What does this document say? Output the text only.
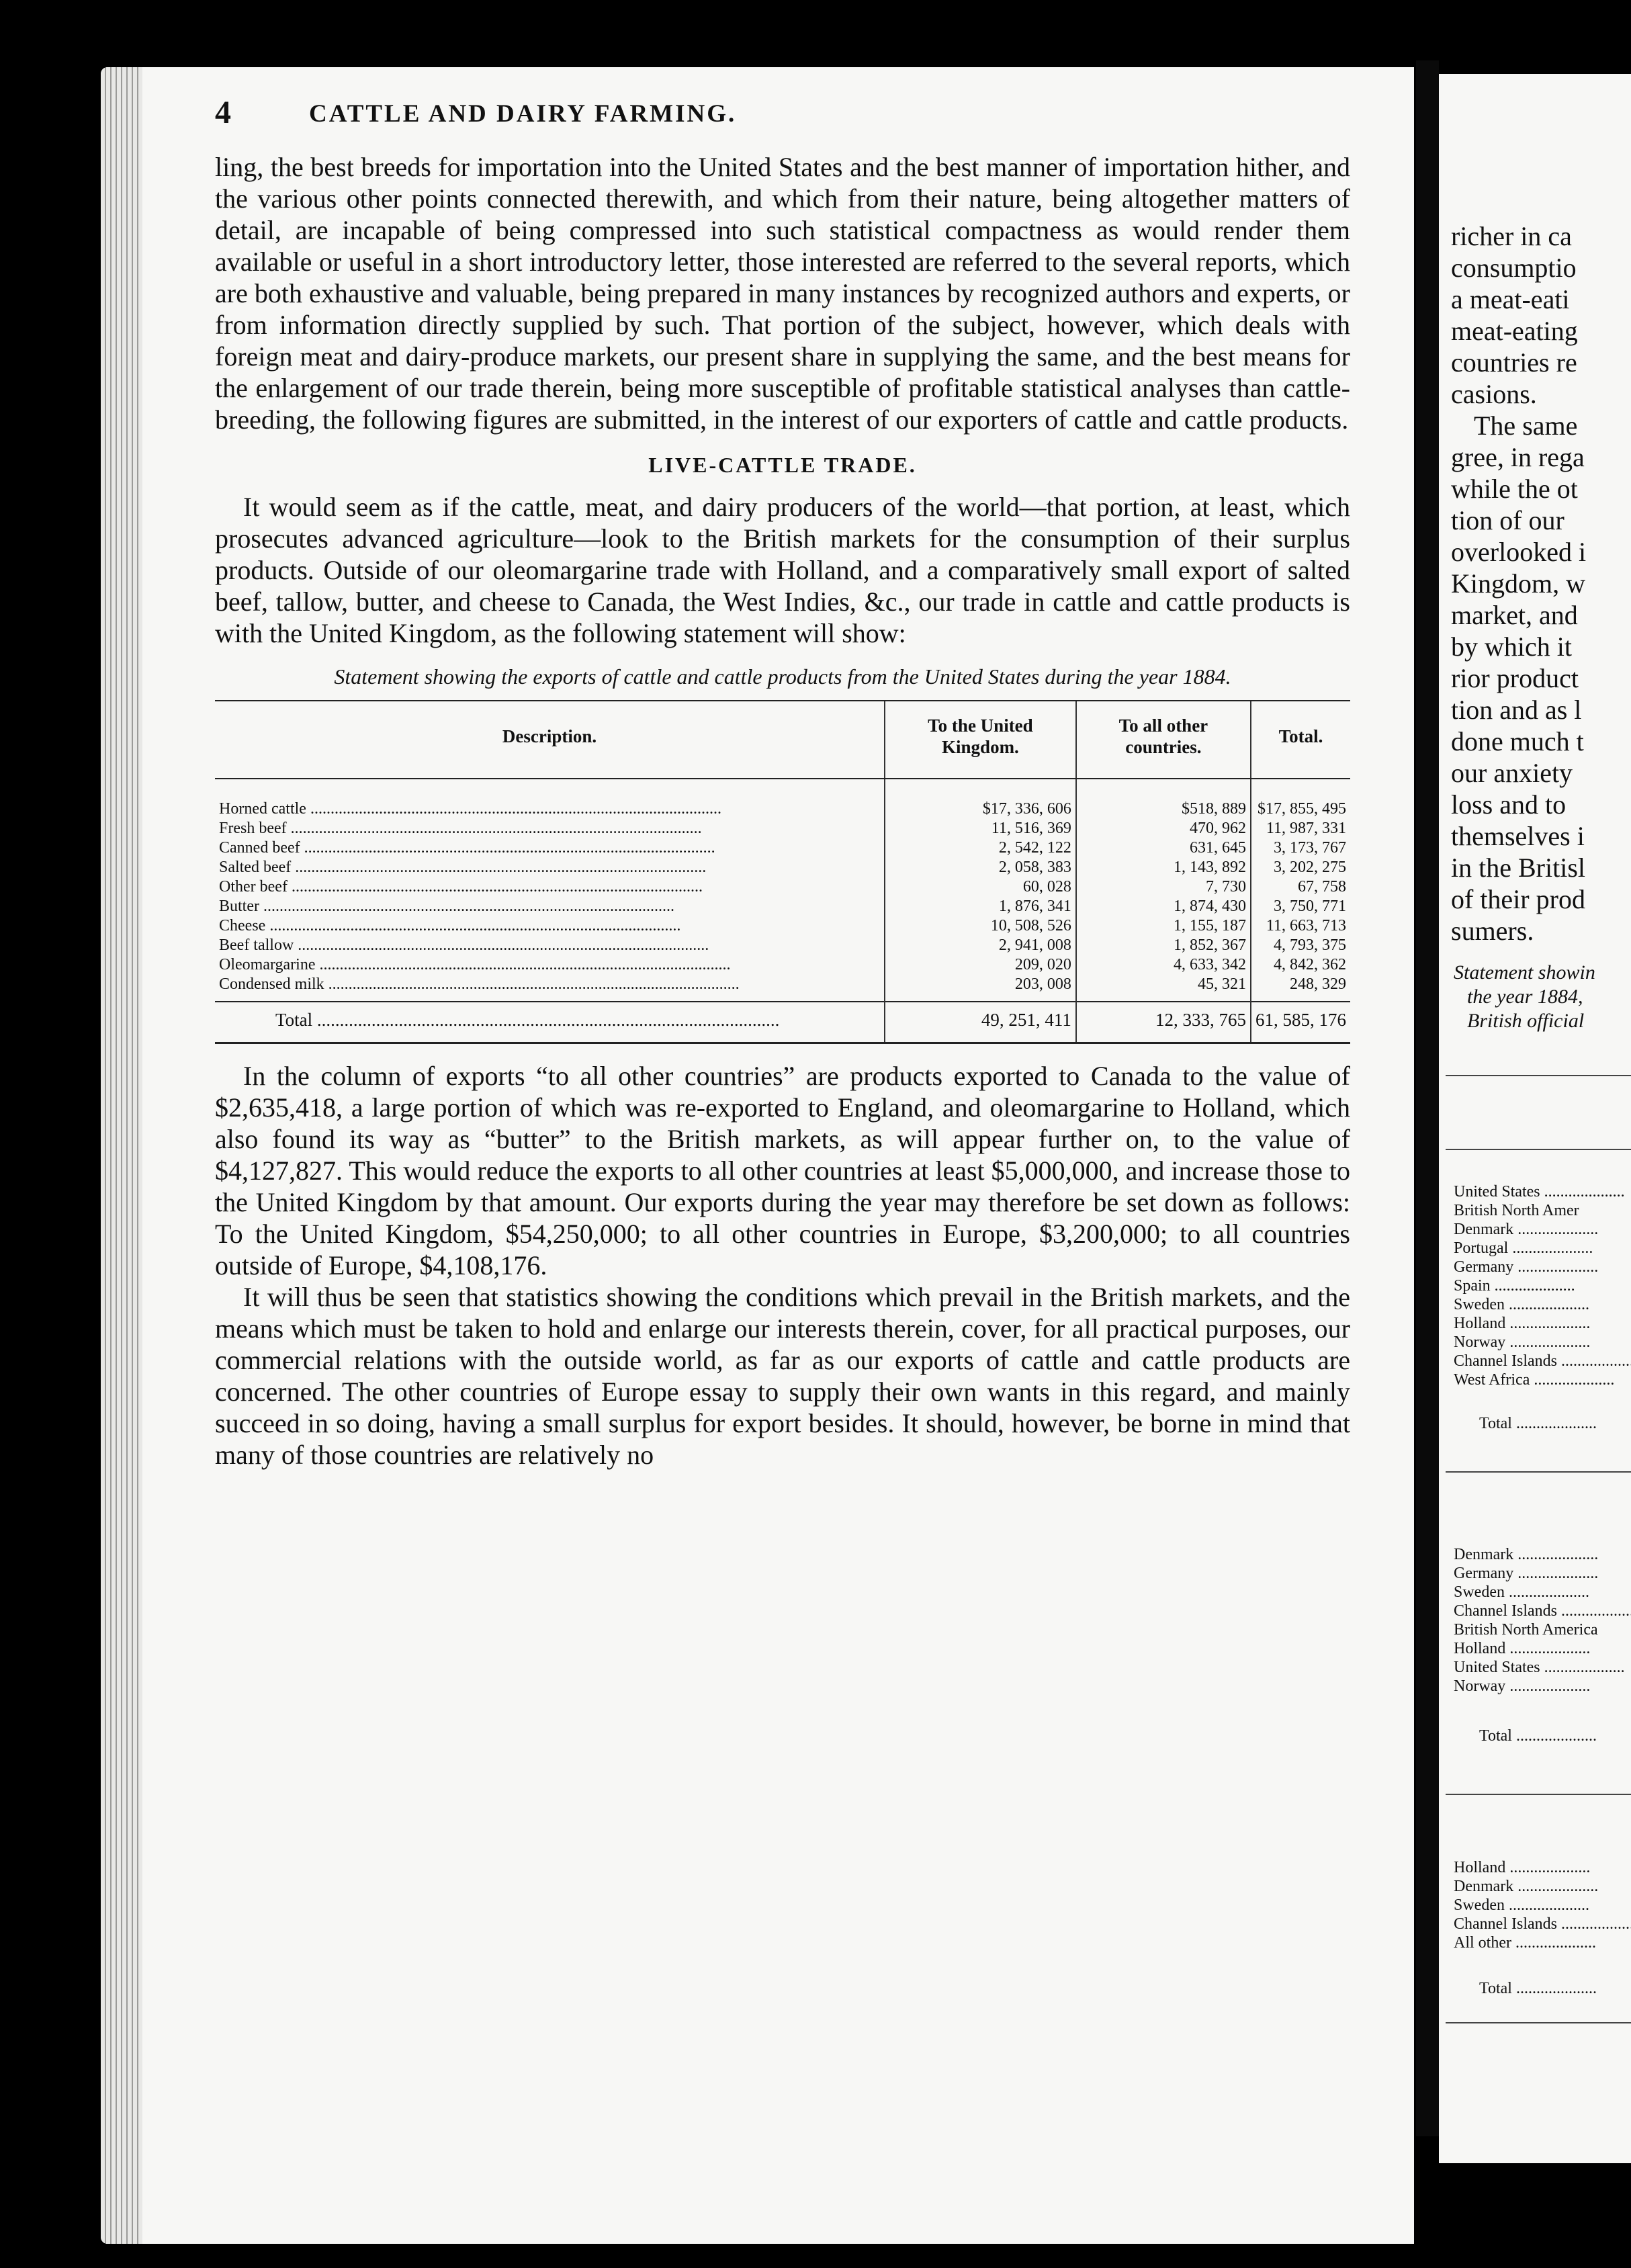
4	CATTLE AND DAIRY FARMING.

ling, the best breeds for importation into the United States and the best manner of importation hither, and the various other points connected therewith, and which from their nature, being altogether matters of detail, are incapable of being compressed into such statistical compactness as would render them available or useful in a short introductory letter, those interested are referred to the several reports, which are both exhaustive and valuable, being prepared in many instances by recognized authors and experts, or from information directly supplied by such. That portion of the subject, however, which deals with foreign meat and dairy-produce markets, our present share in supplying the same, and the best means for the enlargement of our trade therein, being more susceptible of profitable statistical analyses than cattle-breeding, the following figures are submitted, in the interest of our exporters of cattle and cattle products.

LIVE-CATTLE TRADE.

It would seem as if the cattle, meat, and dairy producers of the world—that portion, at least, which prosecutes advanced agriculture—look to the British markets for the consumption of their surplus products. Outside of our oleomargarine trade with Holland, and a comparatively small export of salted beef, tallow, butter, and cheese to Canada, the West Indies, &c., our trade in cattle and cattle products is with the United Kingdom, as the following statement will show:

Statement showing the exports of cattle and cattle products from the United States during the year 1884.
Description.	To the United Kingdom.	To all other countries.	Total.
Horned cattle .....	$17, 336, 606	$518, 889	$17, 855, 495
Fresh beef .....	11, 516, 369	470, 962	11, 987, 331
Canned beef .....	2, 542, 122	631, 645	3, 173, 767
Salted beef .....	2, 058, 383	1, 143, 892	3, 202, 275
Other beef .....	60, 028	7, 730	67, 758
Butter .....	1, 876, 341	1, 874, 430	3, 750, 771
Cheese .....	10, 508, 526	1, 155, 187	11, 663, 713
Beef tallow .....	2, 941, 008	1, 852, 367	4, 793, 375
Oleomargarine .....	209, 020	4, 633, 342	4, 842, 362
Condensed milk .....	203, 008	45, 321	248, 329
Total .....	49, 251, 411	12, 333, 765	61, 585, 176

In the column of exports “to all other countries” are products exported to Canada to the value of $2,635,418, a large portion of which was re-exported to England, and oleomargarine to Holland, which also found its way as “butter” to the British markets, as will appear further on, to the value of $4,127,827. This would reduce the exports to all other countries at least $5,000,000, and increase those to the United Kingdom by that amount. Our exports during the year may therefore be set down as follows: To the United Kingdom, $54,250,000; to all other countries in Europe, $3,200,000; to all countries outside of Europe, $4,108,176.

It will thus be seen that statistics showing the conditions which prevail in the British markets, and the means which must be taken to hold and enlarge our interests therein, cover, for all practical purposes, our commercial relations with the outside world, as far as our exports of cattle and cattle products are concerned. The other countries of Europe essay to supply their own wants in this regard, and mainly succeed in so doing, having a small surplus for export besides. It should, however, be borne in mind that many of those countries are relatively no

richer in ca
consumptio
a meat-eati
meat-eating
countries re
casions.
The same
gree, in rega
while the ot
tion of our
overlooked i
Kingdom, w
market, and
by which it
rior product
tion and as l
done much t
our anxiety
loss and to
themselves i
in the Britisl
of their prod
sumers.
Statement showin
the year 1884,
British official
United States .....
British North Amer
Denmark .....
Portugal .....
Germany .....
Spain .....
Sweden .....
Holland .....
Norway .....
Channel Islands .....
West Africa .....
Total .....
Denmark .....
Germany .....
Sweden .....
Channel Islands .....
British North America
Holland .....
United States .....
Norway .....
Total .....
Holland .....
Denmark .....
Sweden .....
Channel Islands .....
All other .....
Total .....
